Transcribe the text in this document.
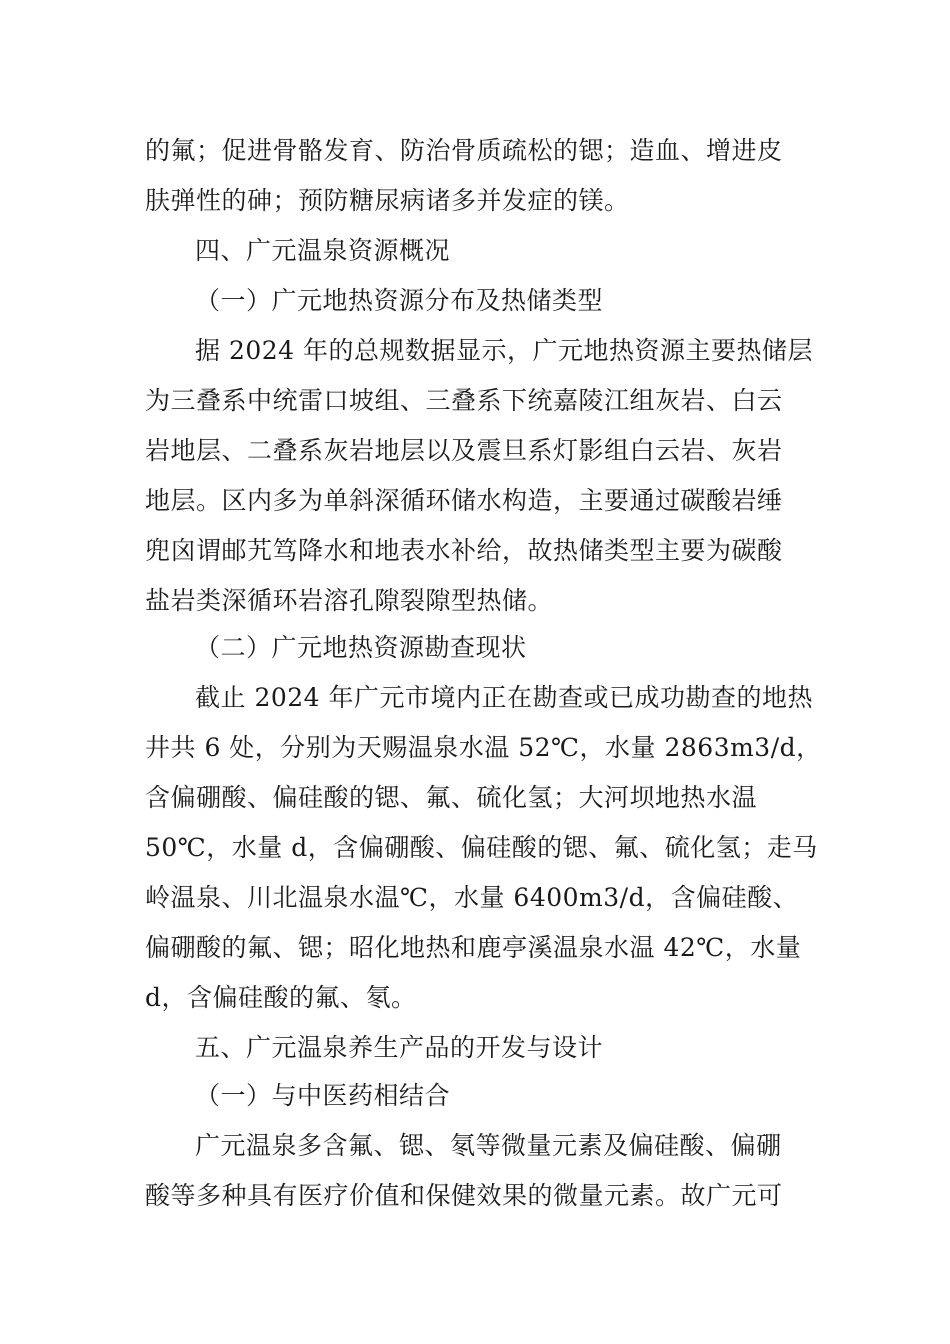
的氟；促进骨骼发育、防治骨质疏松的锶；造血、增进皮
肤弹性的砷；预防糖尿病诸多并发症的镁。
四、广元温泉资源概况
（一）广元地热资源分布及热储类型
据 2024 年的总规数据显示，广元地热资源主要热储层
为三叠系中统雷口坡组、三叠系下统嘉陵江组灰岩、白云
岩地层、二叠系灰岩地层以及震旦系灯影组白云岩、灰岩
地层。区内多为单斜深循环储水构造，主要通过碳酸岩缍
兜囟谓邮艽笃降水和地表水补给，故热储类型主要为碳酸
盐岩类深循环岩溶孔隙裂隙型热储。
（二）广元地热资源勘查现状
截止 2024 年广元市境内正在勘查或已成功勘查的地热
井共 6 处，分别为天赐温泉水温 52℃，水量 2863m3/d，
含偏硼酸、偏硅酸的锶、氟、硫化氢；大河坝地热水温
50℃，水量 d，含偏硼酸、偏硅酸的锶、氟、硫化氢；走马
岭温泉、川北温泉水温℃，水量 6400m3/d，含偏硅酸、
偏硼酸的氟、锶；昭化地热和鹿亭溪温泉水温 42℃，水量
d，含偏硅酸的氟、氡。
五、广元温泉养生产品的开发与设计
（一）与中医药相结合
广元温泉多含氟、锶、氡等微量元素及偏硅酸、偏硼
酸等多种具有医疗价值和保健效果的微量元素。故广元可
